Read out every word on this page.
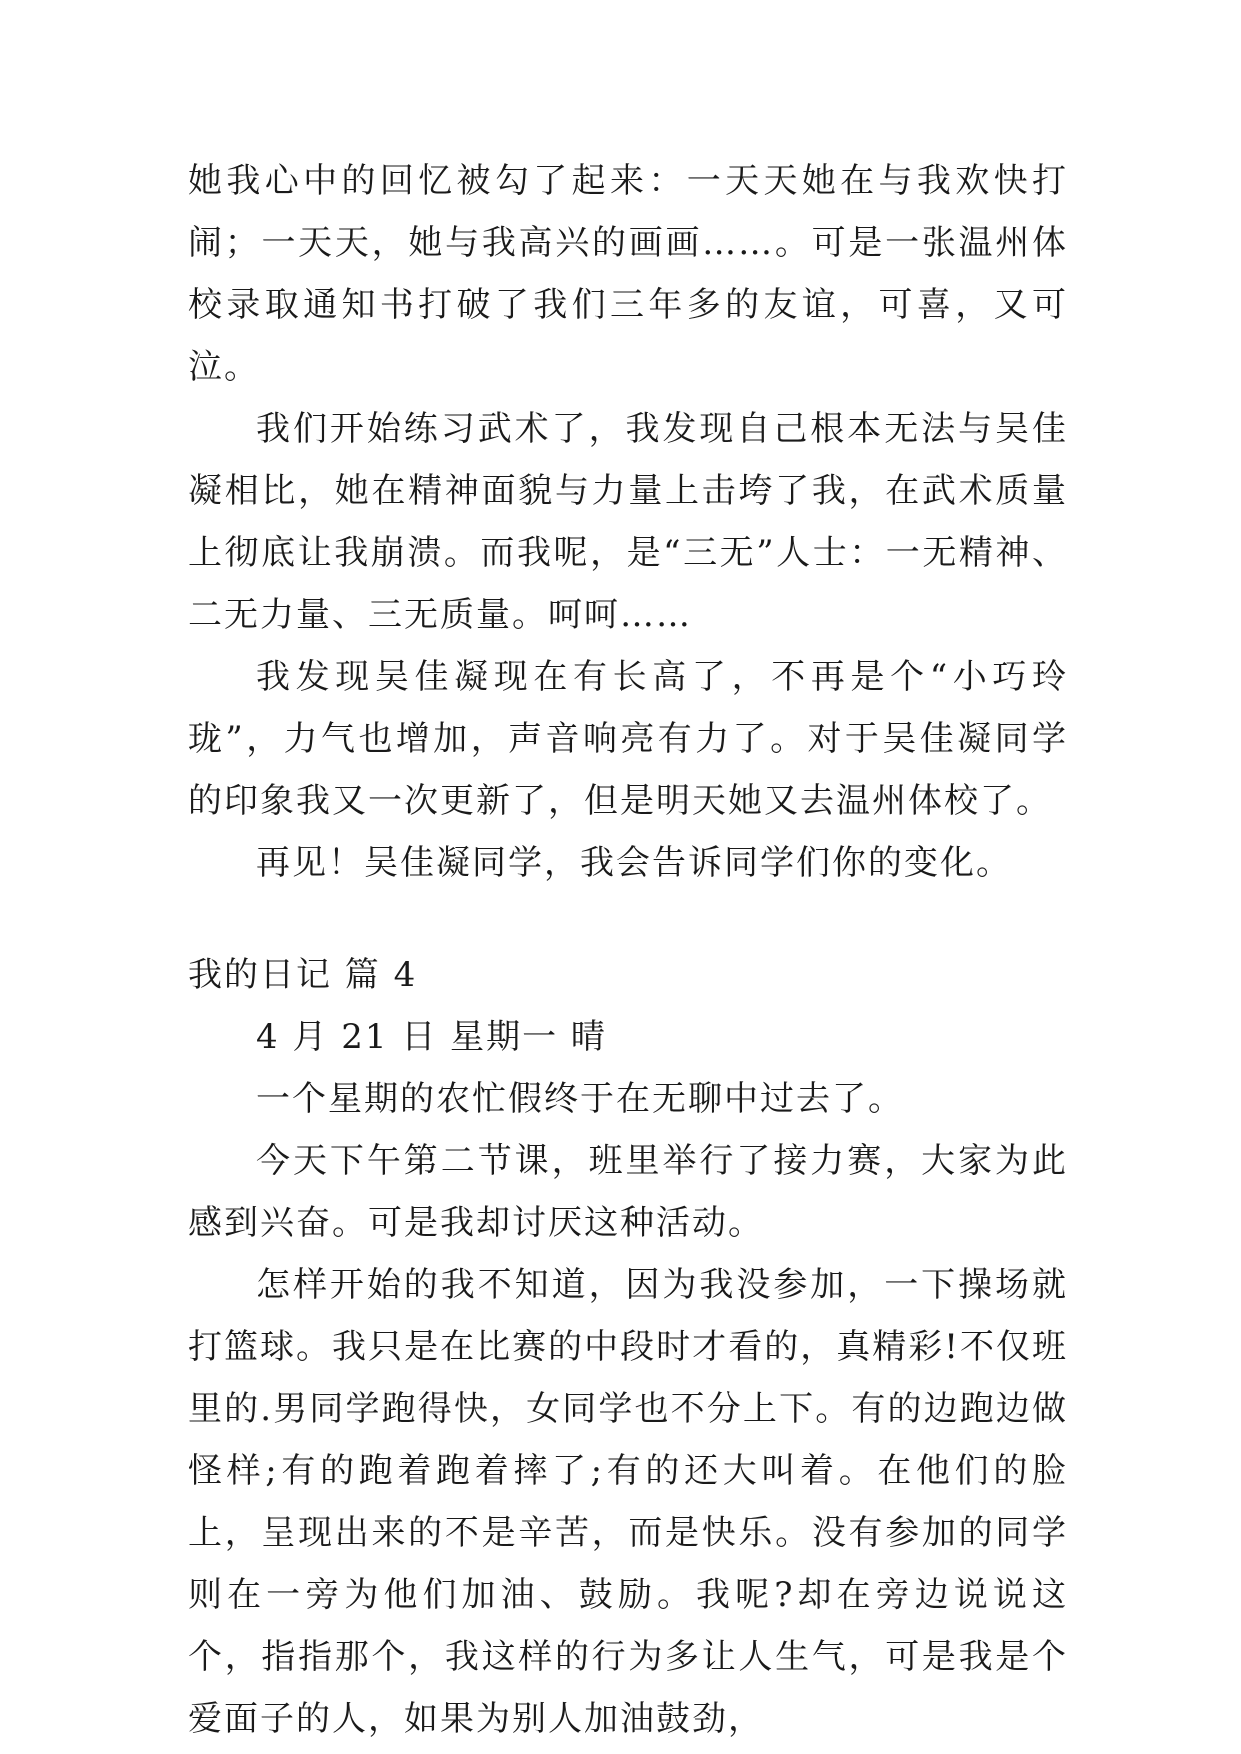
她我心中的回忆被勾了起来：一天天她在与我欢快打闹；一天天，她与我高兴的画画……。可是一张温州体校录取通知书打破了我们三年多的友谊，可喜，又可泣。

我们开始练习武术了，我发现自己根本无法与吴佳凝相比，她在精神面貌与力量上击垮了我，在武术质量上彻底让我崩溃。而我呢，是“三无”人士：一无精神、二无力量、三无质量。呵呵……

我发现吴佳凝现在有长高了，不再是个“小巧玲珑”，力气也增加，声音响亮有力了。对于吴佳凝同学的印象我又一次更新了，但是明天她又去温州体校了。

再见！吴佳凝同学，我会告诉同学们你的变化。

我的日记 篇 4

4 月 21 日 星期一 晴

一个星期的农忙假终于在无聊中过去了。

今天下午第二节课，班里举行了接力赛，大家为此感到兴奋。可是我却讨厌这种活动。

怎样开始的我不知道，因为我没参加，一下操场就打篮球。我只是在比赛的中段时才看的，真精彩!不仅班里的.男同学跑得快，女同学也不分上下。有的边跑边做怪样;有的跑着跑着摔了;有的还大叫着。在他们的脸上，呈现出来的不是辛苦，而是快乐。没有参加的同学则在一旁为他们加油、鼓励。我呢?却在旁边说说这个，指指那个，我这样的行为多让人生气，可是我是个爱面子的人，如果为别人加油鼓劲，
